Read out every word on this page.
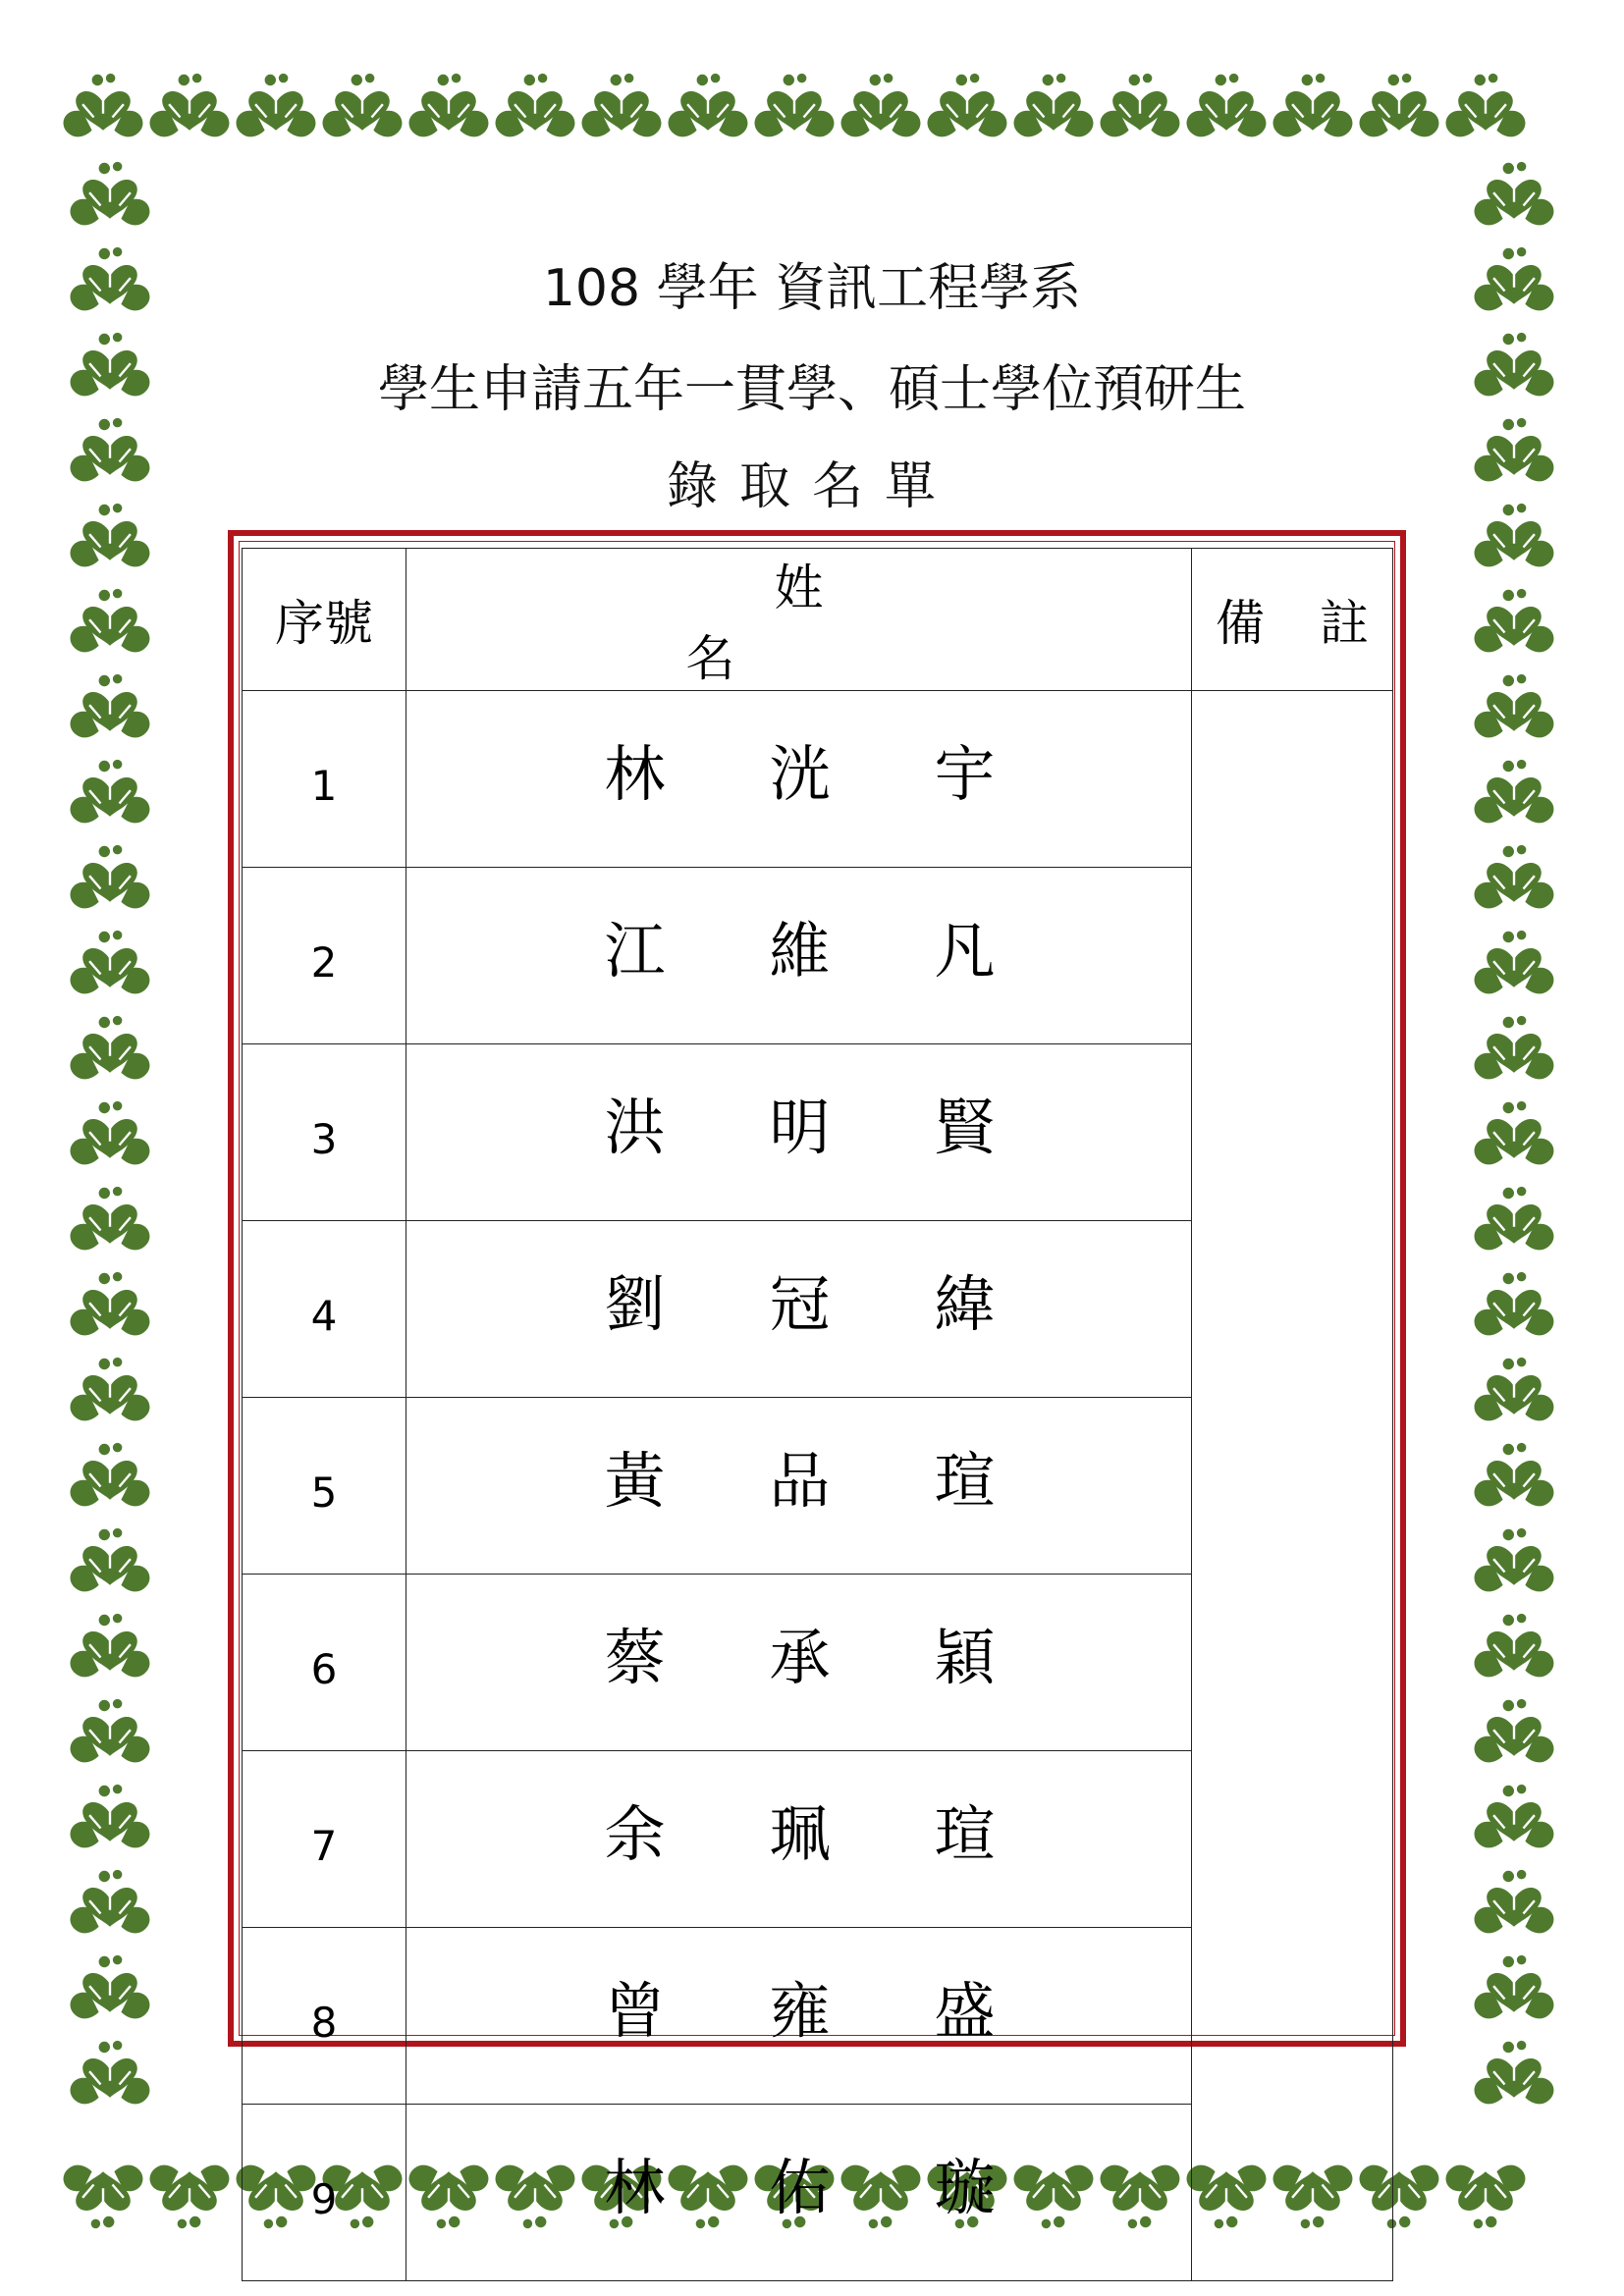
108 學年 資訊工程學系
學生申請五年一貫學、碩士學位預研生
錄取名單
序號	姓 名	備 註
1	林 洸 宇	
2	江 維 凡	
3	洪 明 賢	
4	劉 冠 緯	
5	黃 品 瑄	
6	蔡 承 穎	
7	余 珮 瑄	
8	曾 雍 盛	
9	林 佑 璇	
